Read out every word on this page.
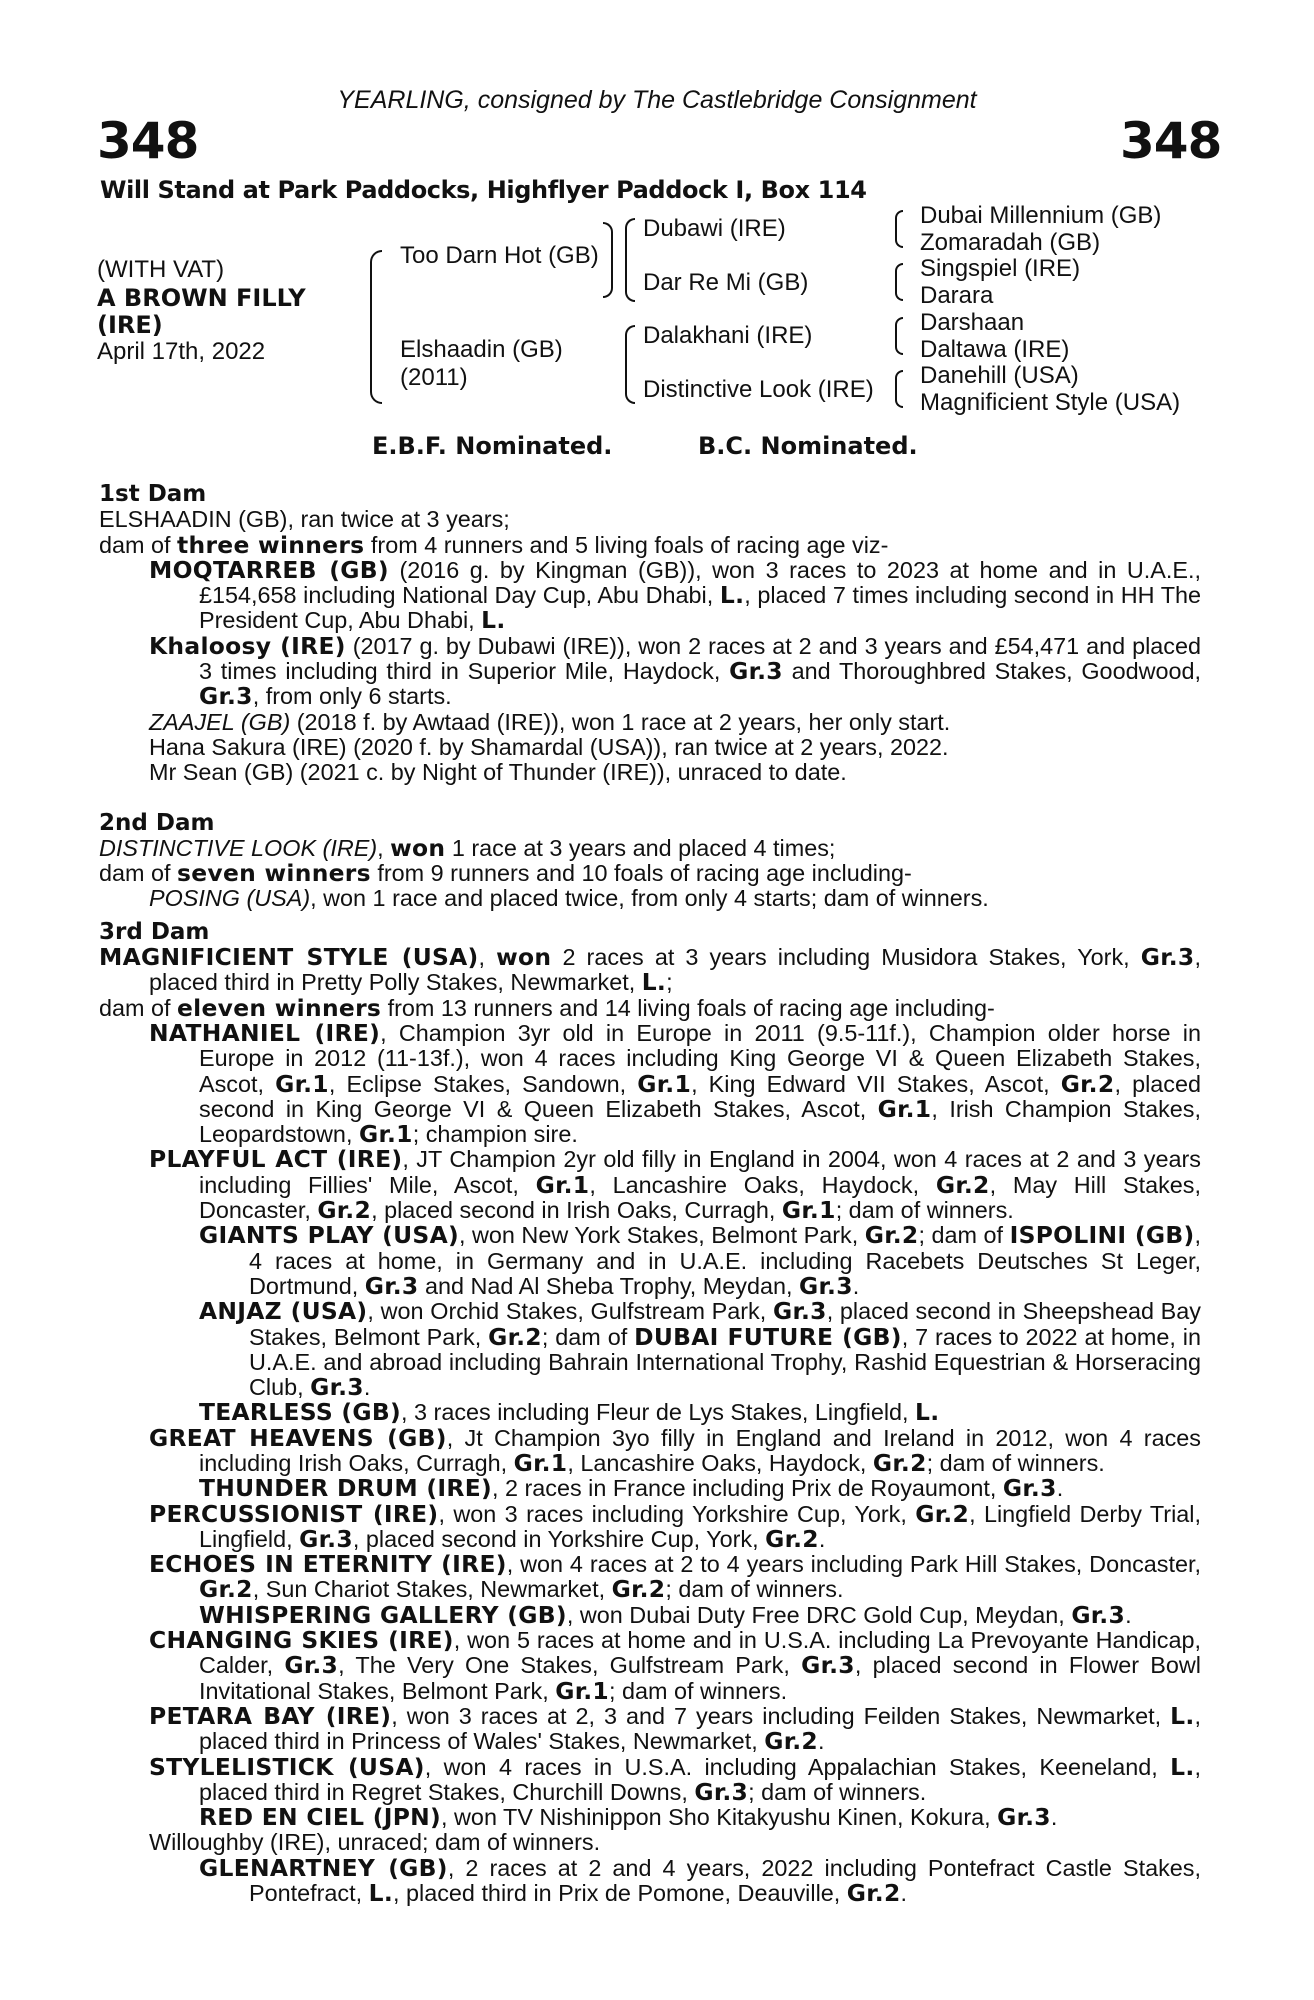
YEARLING, consigned by The Castlebridge Consignment
348	348
Will Stand at Park Paddocks, Highflyer Paddock I, Box 114
(WITH VAT)
A BROWN FILLY
(IRE)
April 17th, 2022
Too Darn Hot (GB)
Elshaadin (GB)
(2011)
Dubawi (IRE)
Dar Re Mi (GB)
Dalakhani (IRE)
Distinctive Look (IRE)
Dubai Millennium (GB)
Zomaradah (GB)
Singspiel (IRE)
Darara
Darshaan
Daltawa (IRE)
Danehill (USA)
Magnificient Style (USA)
E.B.F. Nominated.	B.C. Nominated.
1st Dam
ELSHAADIN (GB), ran twice at 3 years;
dam of three winners from 4 runners and 5 living foals of racing age viz-
MOQTARREB (GB) (2016 g. by Kingman (GB)), won 3 races to 2023 at home and in U.A.E., £154,658 including National Day Cup, Abu Dhabi, L., placed 7 times including second in HH The President Cup, Abu Dhabi, L.
Khaloosy (IRE) (2017 g. by Dubawi (IRE)), won 2 races at 2 and 3 years and £54,471 and placed 3 times including third in Superior Mile, Haydock, Gr.3 and Thoroughbred Stakes, Goodwood, Gr.3, from only 6 starts.
ZAAJEL (GB) (2018 f. by Awtaad (IRE)), won 1 race at 2 years, her only start.
Hana Sakura (IRE) (2020 f. by Shamardal (USA)), ran twice at 2 years, 2022.
Mr Sean (GB) (2021 c. by Night of Thunder (IRE)), unraced to date.
2nd Dam
DISTINCTIVE LOOK (IRE), won 1 race at 3 years and placed 4 times;
dam of seven winners from 9 runners and 10 foals of racing age including-
POSING (USA), won 1 race and placed twice, from only 4 starts; dam of winners.
3rd Dam
MAGNIFICIENT STYLE (USA), won 2 races at 3 years including Musidora Stakes, York, Gr.3, placed third in Pretty Polly Stakes, Newmarket, L.;
dam of eleven winners from 13 runners and 14 living foals of racing age including-
NATHANIEL (IRE), Champion 3yr old in Europe in 2011 (9.5-11f.), Champion older horse in Europe in 2012 (11-13f.), won 4 races including King George VI & Queen Elizabeth Stakes, Ascot, Gr.1, Eclipse Stakes, Sandown, Gr.1, King Edward VII Stakes, Ascot, Gr.2, placed second in King George VI & Queen Elizabeth Stakes, Ascot, Gr.1, Irish Champion Stakes, Leopardstown, Gr.1; champion sire.
PLAYFUL ACT (IRE), JT Champion 2yr old filly in England in 2004, won 4 races at 2 and 3 years including Fillies' Mile, Ascot, Gr.1, Lancashire Oaks, Haydock, Gr.2, May Hill Stakes, Doncaster, Gr.2, placed second in Irish Oaks, Curragh, Gr.1; dam of winners.
GIANTS PLAY (USA), won New York Stakes, Belmont Park, Gr.2; dam of ISPOLINI (GB), 4 races at home, in Germany and in U.A.E. including Racebets Deutsches St Leger, Dortmund, Gr.3 and Nad Al Sheba Trophy, Meydan, Gr.3.
ANJAZ (USA), won Orchid Stakes, Gulfstream Park, Gr.3, placed second in Sheepshead Bay Stakes, Belmont Park, Gr.2; dam of DUBAI FUTURE (GB), 7 races to 2022 at home, in U.A.E. and abroad including Bahrain International Trophy, Rashid Equestrian & Horseracing Club, Gr.3.
TEARLESS (GB), 3 races including Fleur de Lys Stakes, Lingfield, L.
GREAT HEAVENS (GB), Jt Champion 3yo filly in England and Ireland in 2012, won 4 races including Irish Oaks, Curragh, Gr.1, Lancashire Oaks, Haydock, Gr.2; dam of winners.
THUNDER DRUM (IRE), 2 races in France including Prix de Royaumont, Gr.3.
PERCUSSIONIST (IRE), won 3 races including Yorkshire Cup, York, Gr.2, Lingfield Derby Trial, Lingfield, Gr.3, placed second in Yorkshire Cup, York, Gr.2.
ECHOES IN ETERNITY (IRE), won 4 races at 2 to 4 years including Park Hill Stakes, Doncaster, Gr.2, Sun Chariot Stakes, Newmarket, Gr.2; dam of winners.
WHISPERING GALLERY (GB), won Dubai Duty Free DRC Gold Cup, Meydan, Gr.3.
CHANGING SKIES (IRE), won 5 races at home and in U.S.A. including La Prevoyante Handicap, Calder, Gr.3, The Very One Stakes, Gulfstream Park, Gr.3, placed second in Flower Bowl Invitational Stakes, Belmont Park, Gr.1; dam of winners.
PETARA BAY (IRE), won 3 races at 2, 3 and 7 years including Feilden Stakes, Newmarket, L., placed third in Princess of Wales' Stakes, Newmarket, Gr.2.
STYLELISTICK (USA), won 4 races in U.S.A. including Appalachian Stakes, Keeneland, L., placed third in Regret Stakes, Churchill Downs, Gr.3; dam of winners.
RED EN CIEL (JPN), won TV Nishinippon Sho Kitakyushu Kinen, Kokura, Gr.3.
Willoughby (IRE), unraced; dam of winners.
GLENARTNEY (GB), 2 races at 2 and 4 years, 2022 including Pontefract Castle Stakes, Pontefract, L., placed third in Prix de Pomone, Deauville, Gr.2.
